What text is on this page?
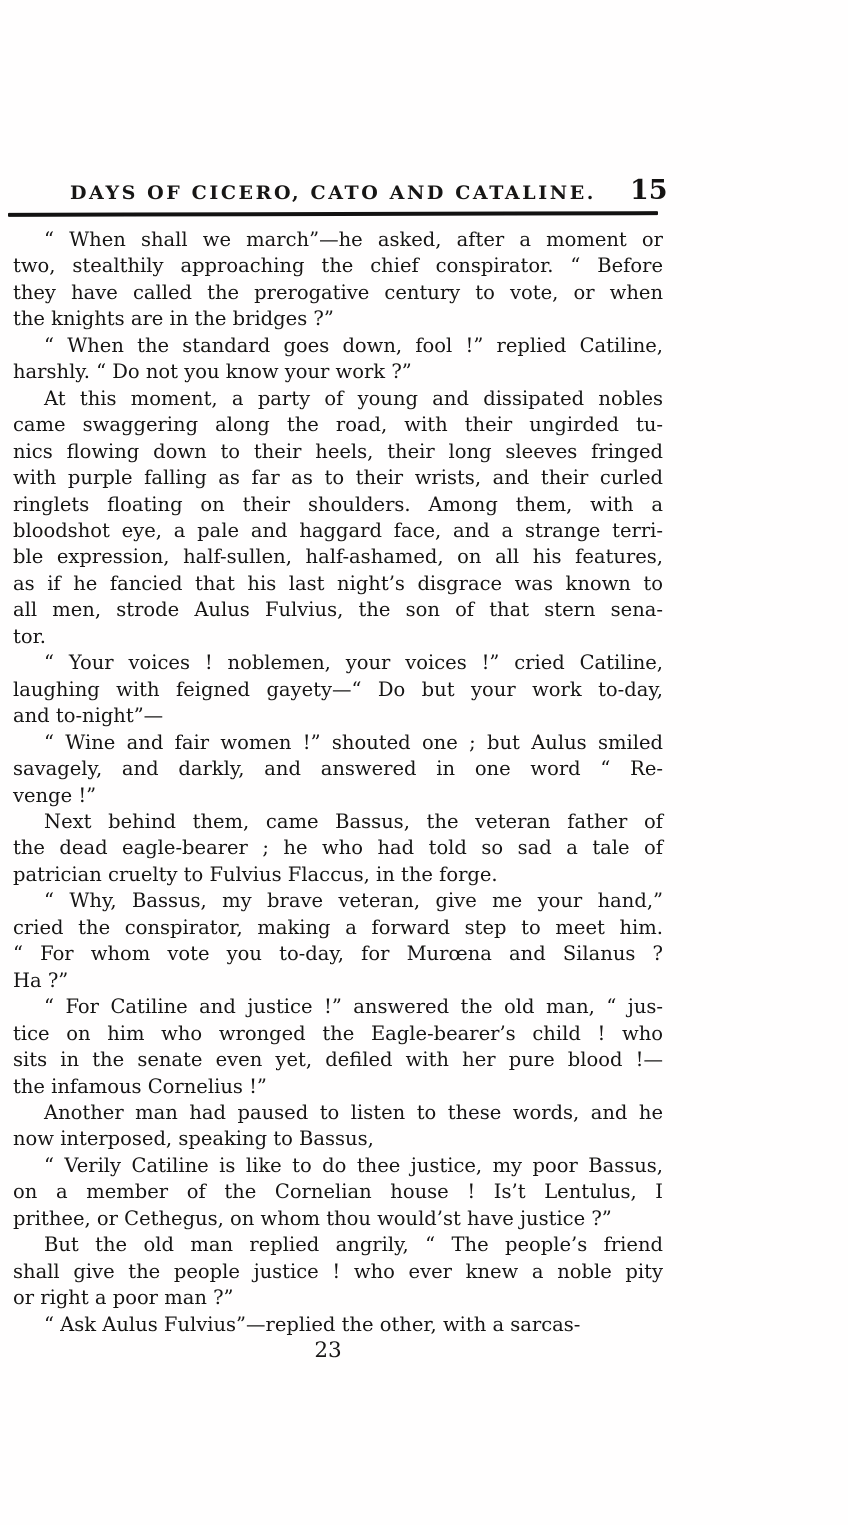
DAYS OF CICERO, CATO AND CATALINE.	15
“ When shall we march”—he asked, after a moment or
two, stealthily approaching the chief conspirator. “ Before
they have called the prerogative century to vote, or when
the knights are in the bridges ?”
“ When the standard goes down, fool !” replied Catiline,
harshly. “ Do not you know your work ?”
At this moment, a party of young and dissipated nobles
came swaggering along the road, with their ungirded tu-
nics flowing down to their heels, their long sleeves fringed
with purple falling as far as to their wrists, and their curled
ringlets floating on their shoulders. Among them, with a
bloodshot eye, a pale and haggard face, and a strange terri-
ble expression, half-sullen, half-ashamed, on all his features,
as if he fancied that his last night’s disgrace was known to
all men, strode Aulus Fulvius, the son of that stern sena-
tor.
“ Your voices ! noblemen, your voices !” cried Catiline,
laughing with feigned gayety—“ Do but your work to-day,
and to-night”—
“ Wine and fair women !” shouted one ; but Aulus smiled
savagely, and darkly, and answered in one word “ Re-
venge !”
Next behind them, came Bassus, the veteran father of
the dead eagle-bearer ; he who had told so sad a tale of
patrician cruelty to Fulvius Flaccus, in the forge.
“ Why, Bassus, my brave veteran, give me your hand,”
cried the conspirator, making a forward step to meet him.
“ For whom vote you to-day, for Murœna and Silanus ?
Ha ?”
“ For Catiline and justice !” answered the old man, “ jus-
tice on him who wronged the Eagle-bearer’s child ! who
sits in the senate even yet, defiled with her pure blood !—
the infamous Cornelius !”
Another man had paused to listen to these words, and he
now interposed, speaking to Bassus,
“ Verily Catiline is like to do thee justice, my poor Bassus,
on a member of the Cornelian house ! Is’t Lentulus, I
prithee, or Cethegus, on whom thou would’st have justice ?”
But the old man replied angrily, “ The people’s friend
shall give the people justice ! who ever knew a noble pity
or right a poor man ?”
“ Ask Aulus Fulvius”—replied the other, with a sarcas-
23
